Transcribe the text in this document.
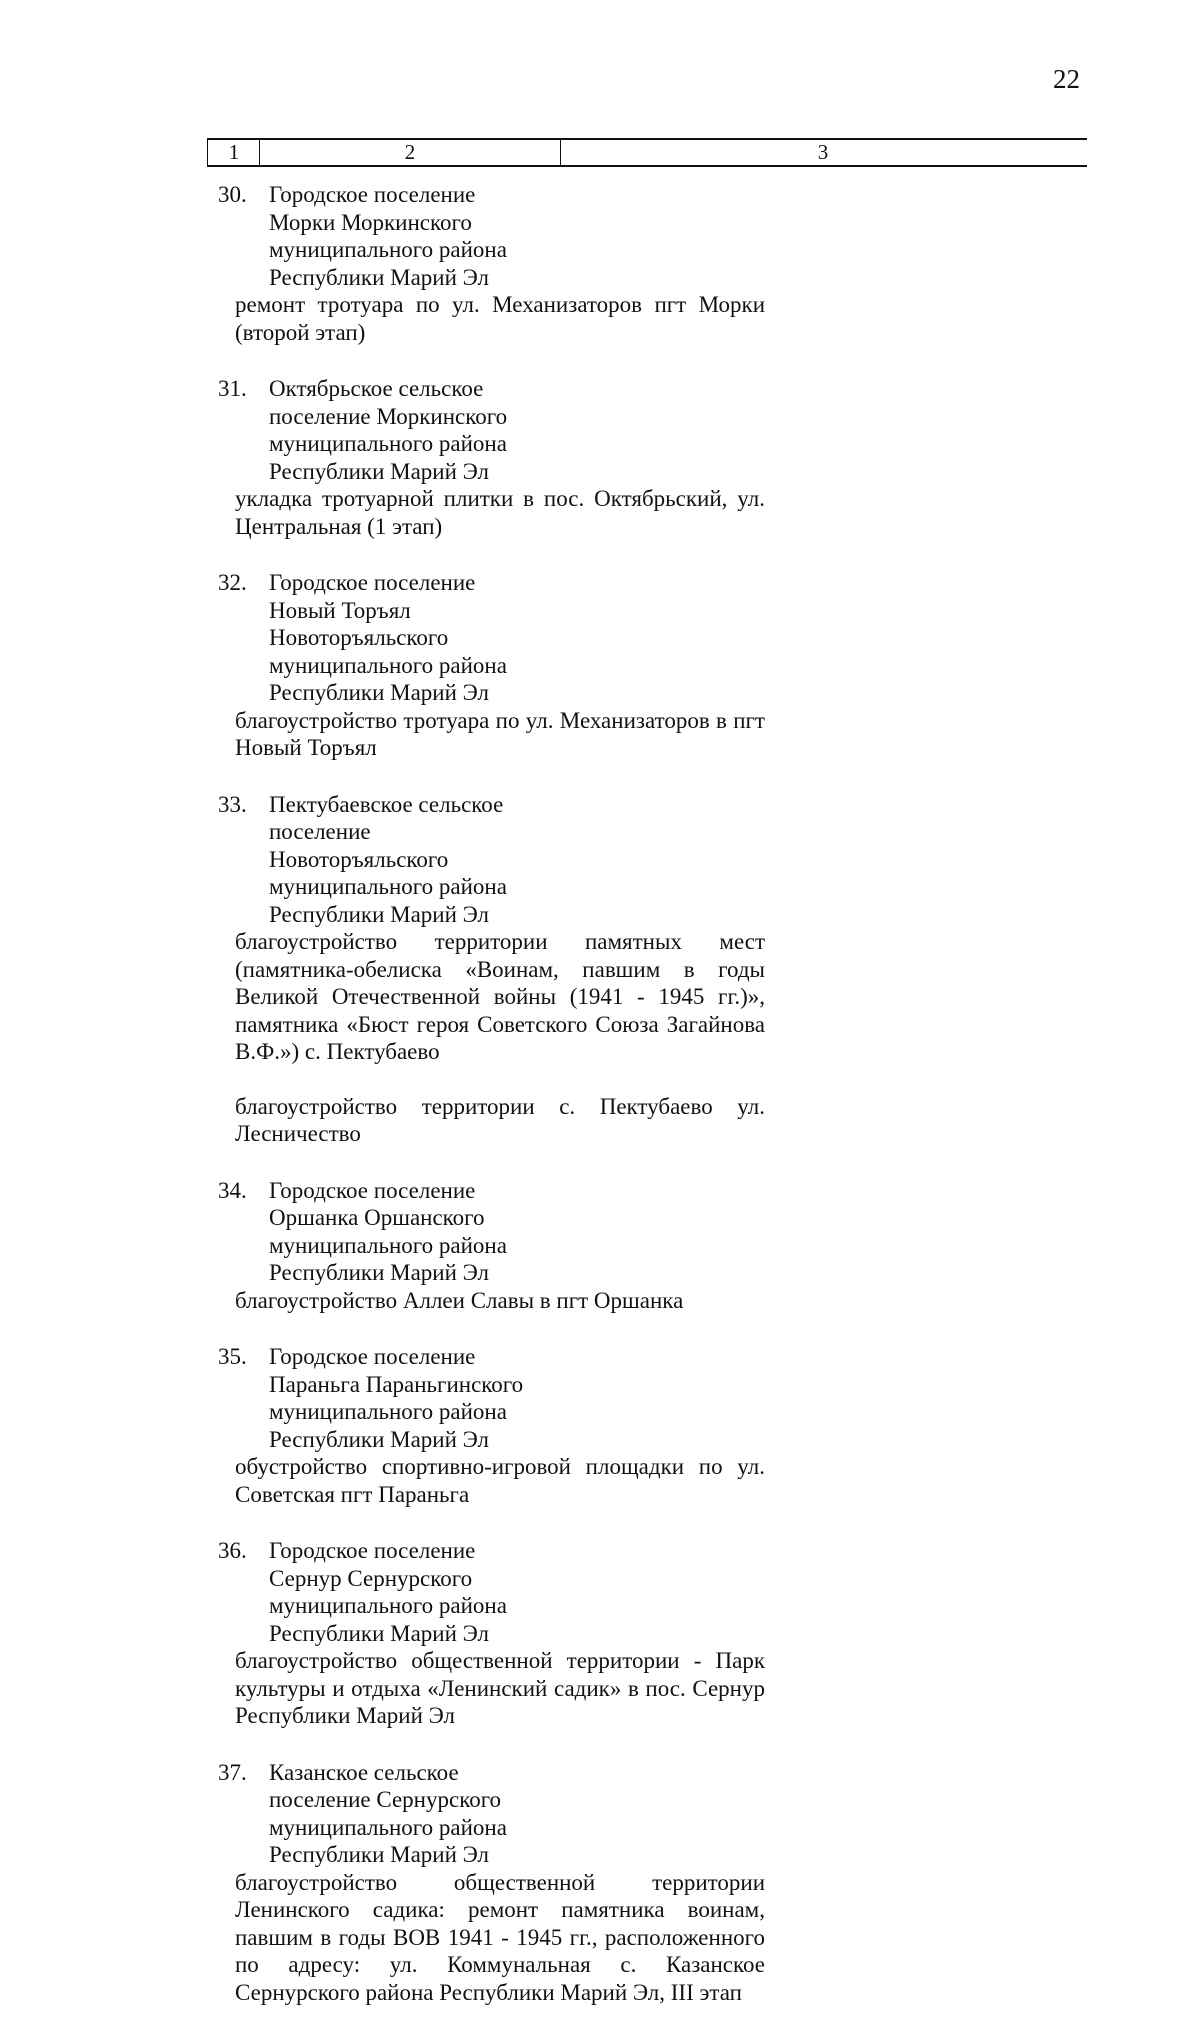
22
1	2	3
30. Городское поселение
Морки Моркинского
муниципального района
Республики Марий Эл
ремонт тротуара по ул. Механизаторов пгт Морки (второй этап)
31. Октябрьское сельское
поселение Моркинского
муниципального района
Республики Марий Эл
укладка тротуарной плитки в пос. Октябрьский, ул. Центральная (1 этап)
32. Городское поселение
Новый Торъял
Новоторъяльского
муниципального района
Республики Марий Эл
благоустройство тротуара по ул. Механизаторов в пгт Новый Торъял
33. Пектубаевское сельское
поселение
Новоторъяльского
муниципального района
Республики Марий Эл
благоустройство территории памятных мест (памятника-обелиска «Воинам, павшим в годы Великой Отечественной войны (1941 - 1945 гг.)», памятника «Бюст героя Советского Союза Загайнова В.Ф.») с. Пектубаево
благоустройство территории с. Пектубаево ул. Лесничество
34. Городское поселение
Оршанка Оршанского
муниципального района
Республики Марий Эл
благоустройство Аллеи Славы в пгт Оршанка
35. Городское поселение
Параньга Параньгинского
муниципального района
Республики Марий Эл
обустройство спортивно-игровой площадки по ул. Советская пгт Параньга
36. Городское поселение
Сернур Сернурского
муниципального района
Республики Марий Эл
благоустройство общественной территории - Парк культуры и отдыха «Ленинский садик» в пос. Сернур Республики Марий Эл
37. Казанское сельское
поселение Сернурского
муниципального района
Республики Марий Эл
благоустройство общественной территории Ленинского садика: ремонт памятника воинам, павшим в годы ВОВ 1941 - 1945 гг., расположенного по адресу: ул. Коммунальная с. Казанское Сернурского района Республики Марий Эл, III этап
